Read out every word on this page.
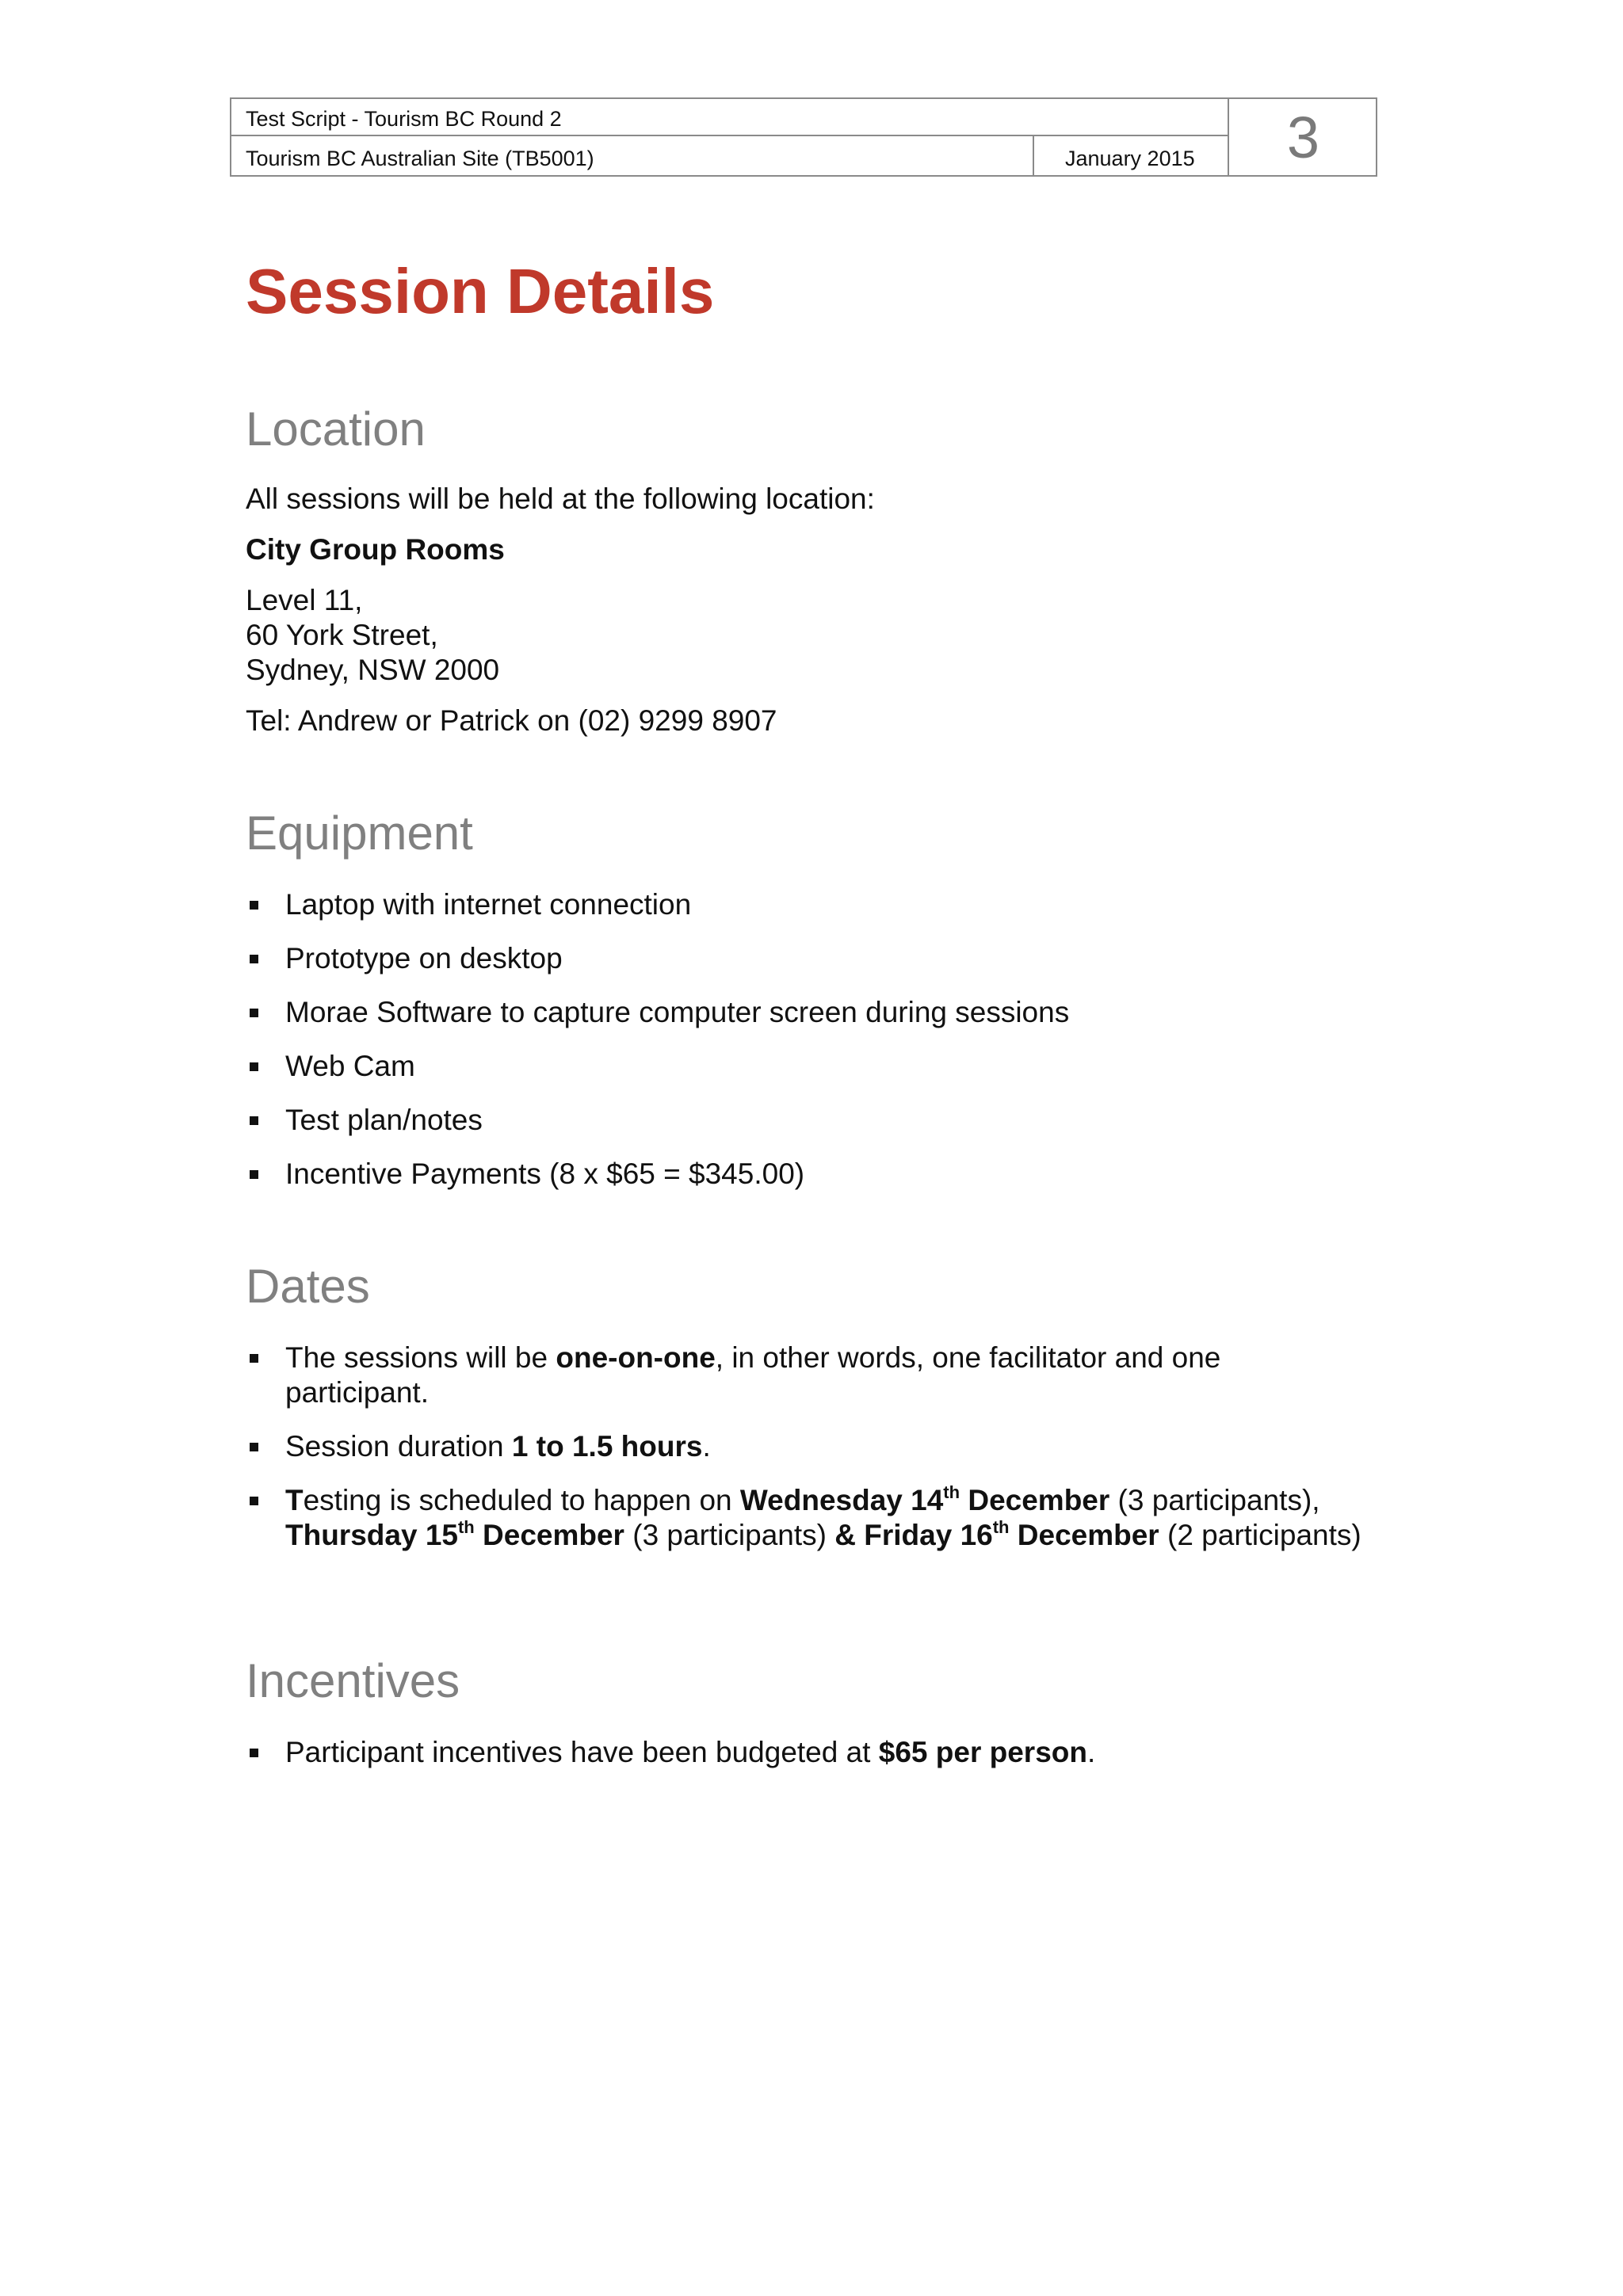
Test Script - Tourism BC Round 2
Tourism BC Australian Site (TB5001)	January 2015	3
Session Details
Location
All sessions will be held at the following location:
City Group Rooms
Level 11,
60 York Street,
Sydney, NSW 2000
Tel: Andrew or Patrick on (02) 9299 8907
Equipment
Laptop with internet connection
Prototype on desktop
Morae Software to capture computer screen during sessions
Web Cam
Test plan/notes
Incentive Payments (8 x $65 = $345.00)
Dates
The sessions will be one-on-one, in other words, one facilitator and one participant.
Session duration 1 to 1.5 hours.
Testing is scheduled to happen on Wednesday 14th December (3 participants), Thursday 15th December (3 participants) & Friday 16th December (2 participants)
Incentives
Participant incentives have been budgeted at $65 per person.
